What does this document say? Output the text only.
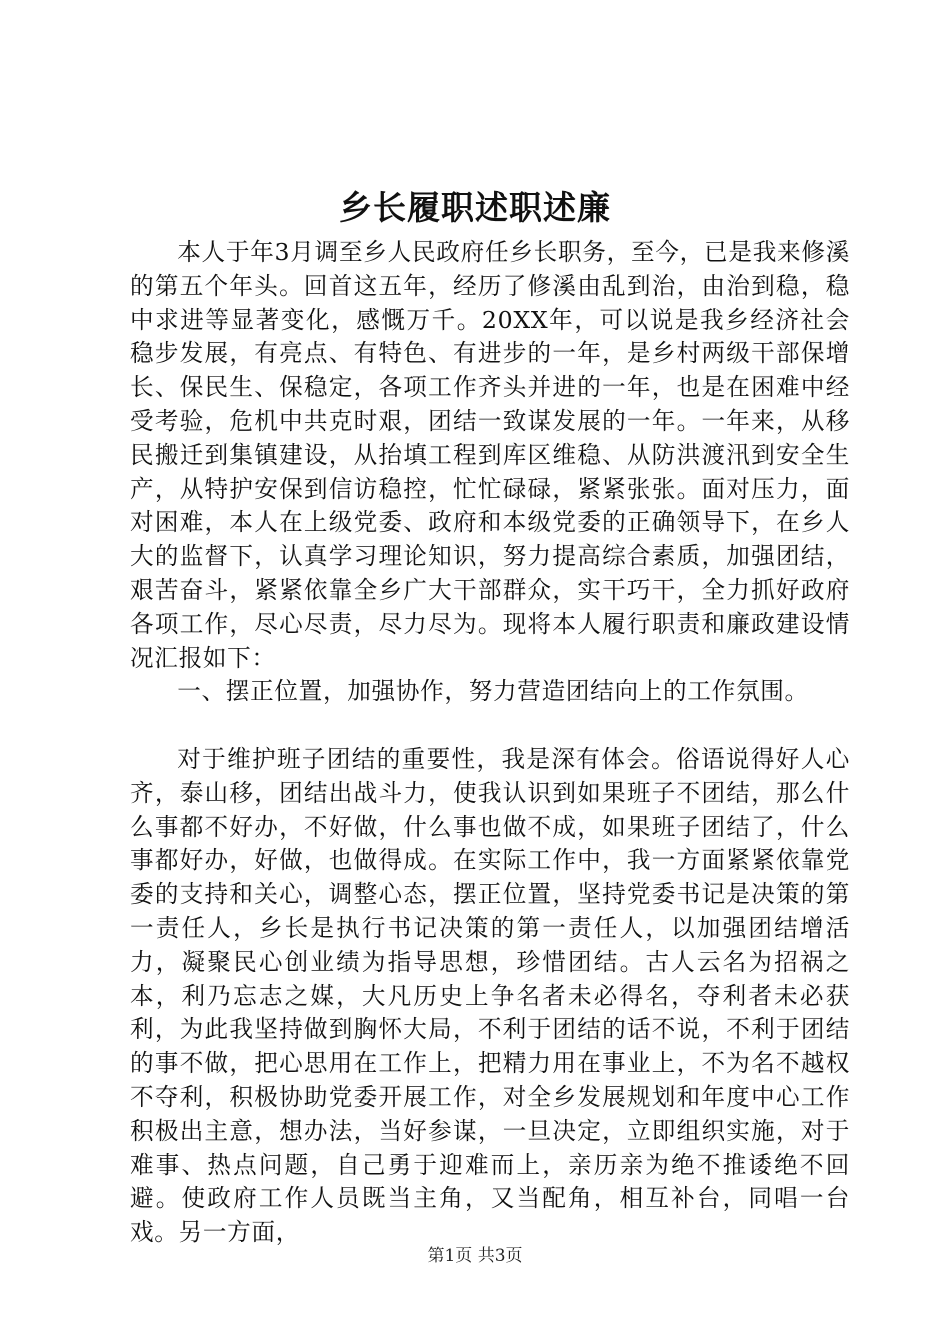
乡长履职述职述廉

本人于年3月调至乡人民政府任乡长职务，至今，已是我来修溪的第五个年头。回首这五年，经历了修溪由乱到治，由治到稳，稳中求进等显著变化，感慨万千。20XX年，可以说是我乡经济社会稳步发展，有亮点、有特色、有进步的一年，是乡村两级干部保增长、保民生、保稳定，各项工作齐头并进的一年，也是在困难中经受考验，危机中共克时艰，团结一致谋发展的一年。一年来，从移民搬迁到集镇建设，从抬填工程到库区维稳、从防洪渡汛到安全生产，从特护安保到信访稳控，忙忙碌碌，紧紧张张。面对压力，面对困难，本人在上级党委、政府和本级党委的正确领导下，在乡人大的监督下，认真学习理论知识，努力提高综合素质，加强团结，艰苦奋斗，紧紧依靠全乡广大干部群众，实干巧干，全力抓好政府各项工作，尽心尽责，尽力尽为。现将本人履行职责和廉政建设情况汇报如下：

一、摆正位置，加强协作，努力营造团结向上的工作氛围。

对于维护班子团结的重要性，我是深有体会。俗语说得好人心齐，泰山移，团结出战斗力，使我认识到如果班子不团结，那么什么事都不好办，不好做，什么事也做不成，如果班子团结了，什么事都好办，好做，也做得成。在实际工作中，我一方面紧紧依靠党委的支持和关心，调整心态，摆正位置，坚持党委书记是决策的第一责任人，乡长是执行书记决策的第一责任人，以加强团结增活力，凝聚民心创业绩为指导思想，珍惜团结。古人云名为招祸之本，利乃忘志之媒，大凡历史上争名者未必得名，夺利者未必获利，为此我坚持做到胸怀大局，不利于团结的话不说，不利于团结的事不做，把心思用在工作上，把精力用在事业上，不为名不越权不夺利，积极协助党委开展工作，对全乡发展规划和年度中心工作积极出主意，想办法，当好参谋，一旦决定，立即组织实施，对于难事、热点问题，自己勇于迎难而上，亲历亲为绝不推诿绝不回避。使政府工作人员既当主角，又当配角，相互补台，同唱一台戏。另一方面，

第1页 共3页
